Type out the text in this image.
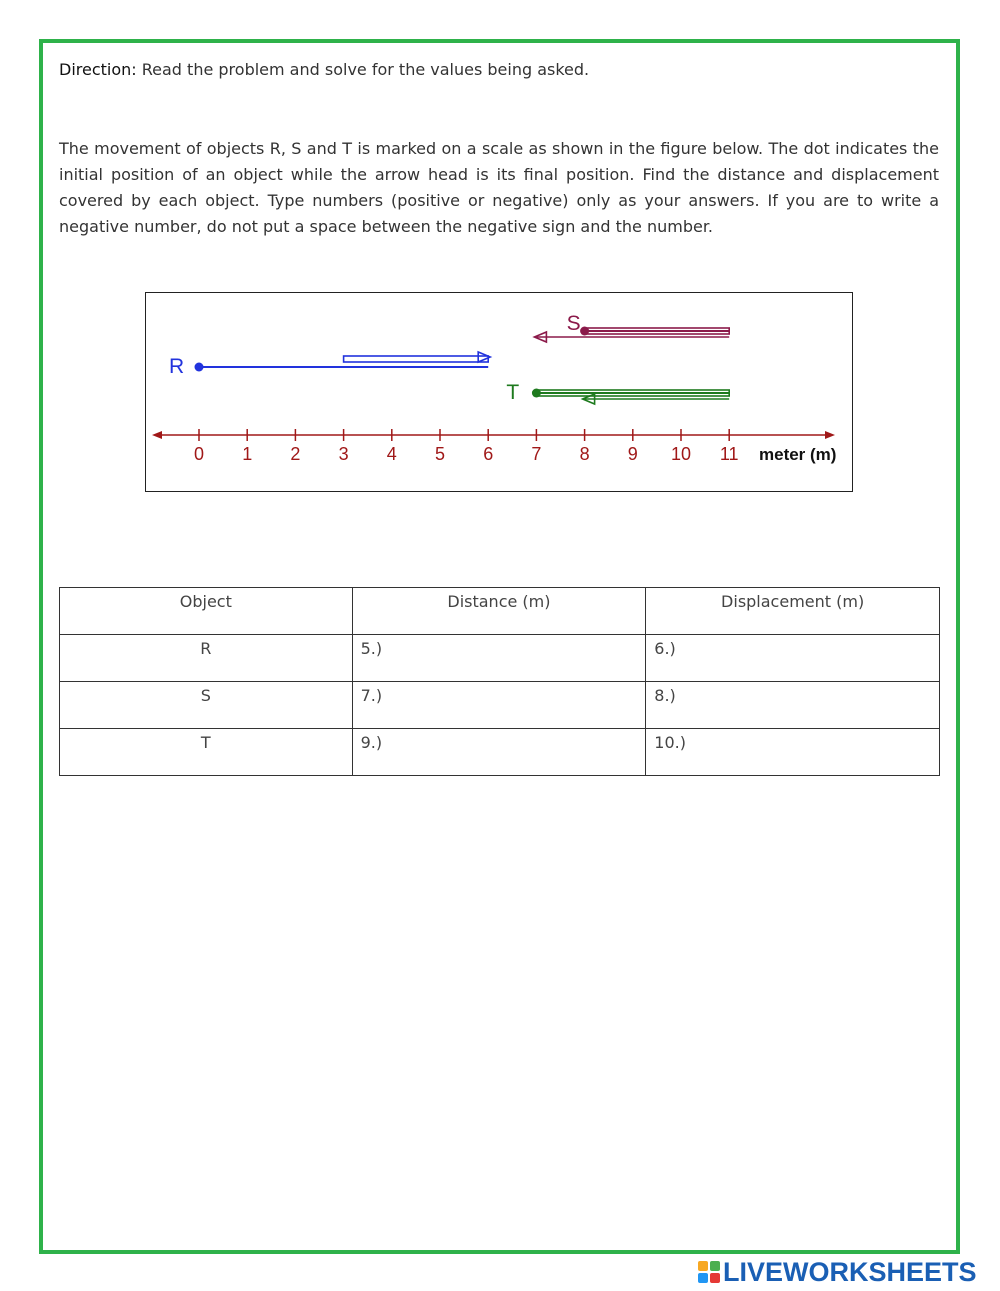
Direction: Read the problem and solve for the values being asked.
The movement of objects R, S and T is marked on a scale as shown in the figure below. The dot indicates the initial position of an object while the arrow head is its final position. Find the distance and displacement covered by each object. Type numbers (positive or negative) only as your answers. If you are to write a negative number, do not put a space between the negative sign and the number.
0 1 2 3 4 5 6 7 8 9 10 11 meter (m)
R
S
T
Object	Distance (m)	Displacement (m)
R	5.)	6.)
S	7.)	8.)
T	9.)	10.)
LIVEWORKSHEETS
